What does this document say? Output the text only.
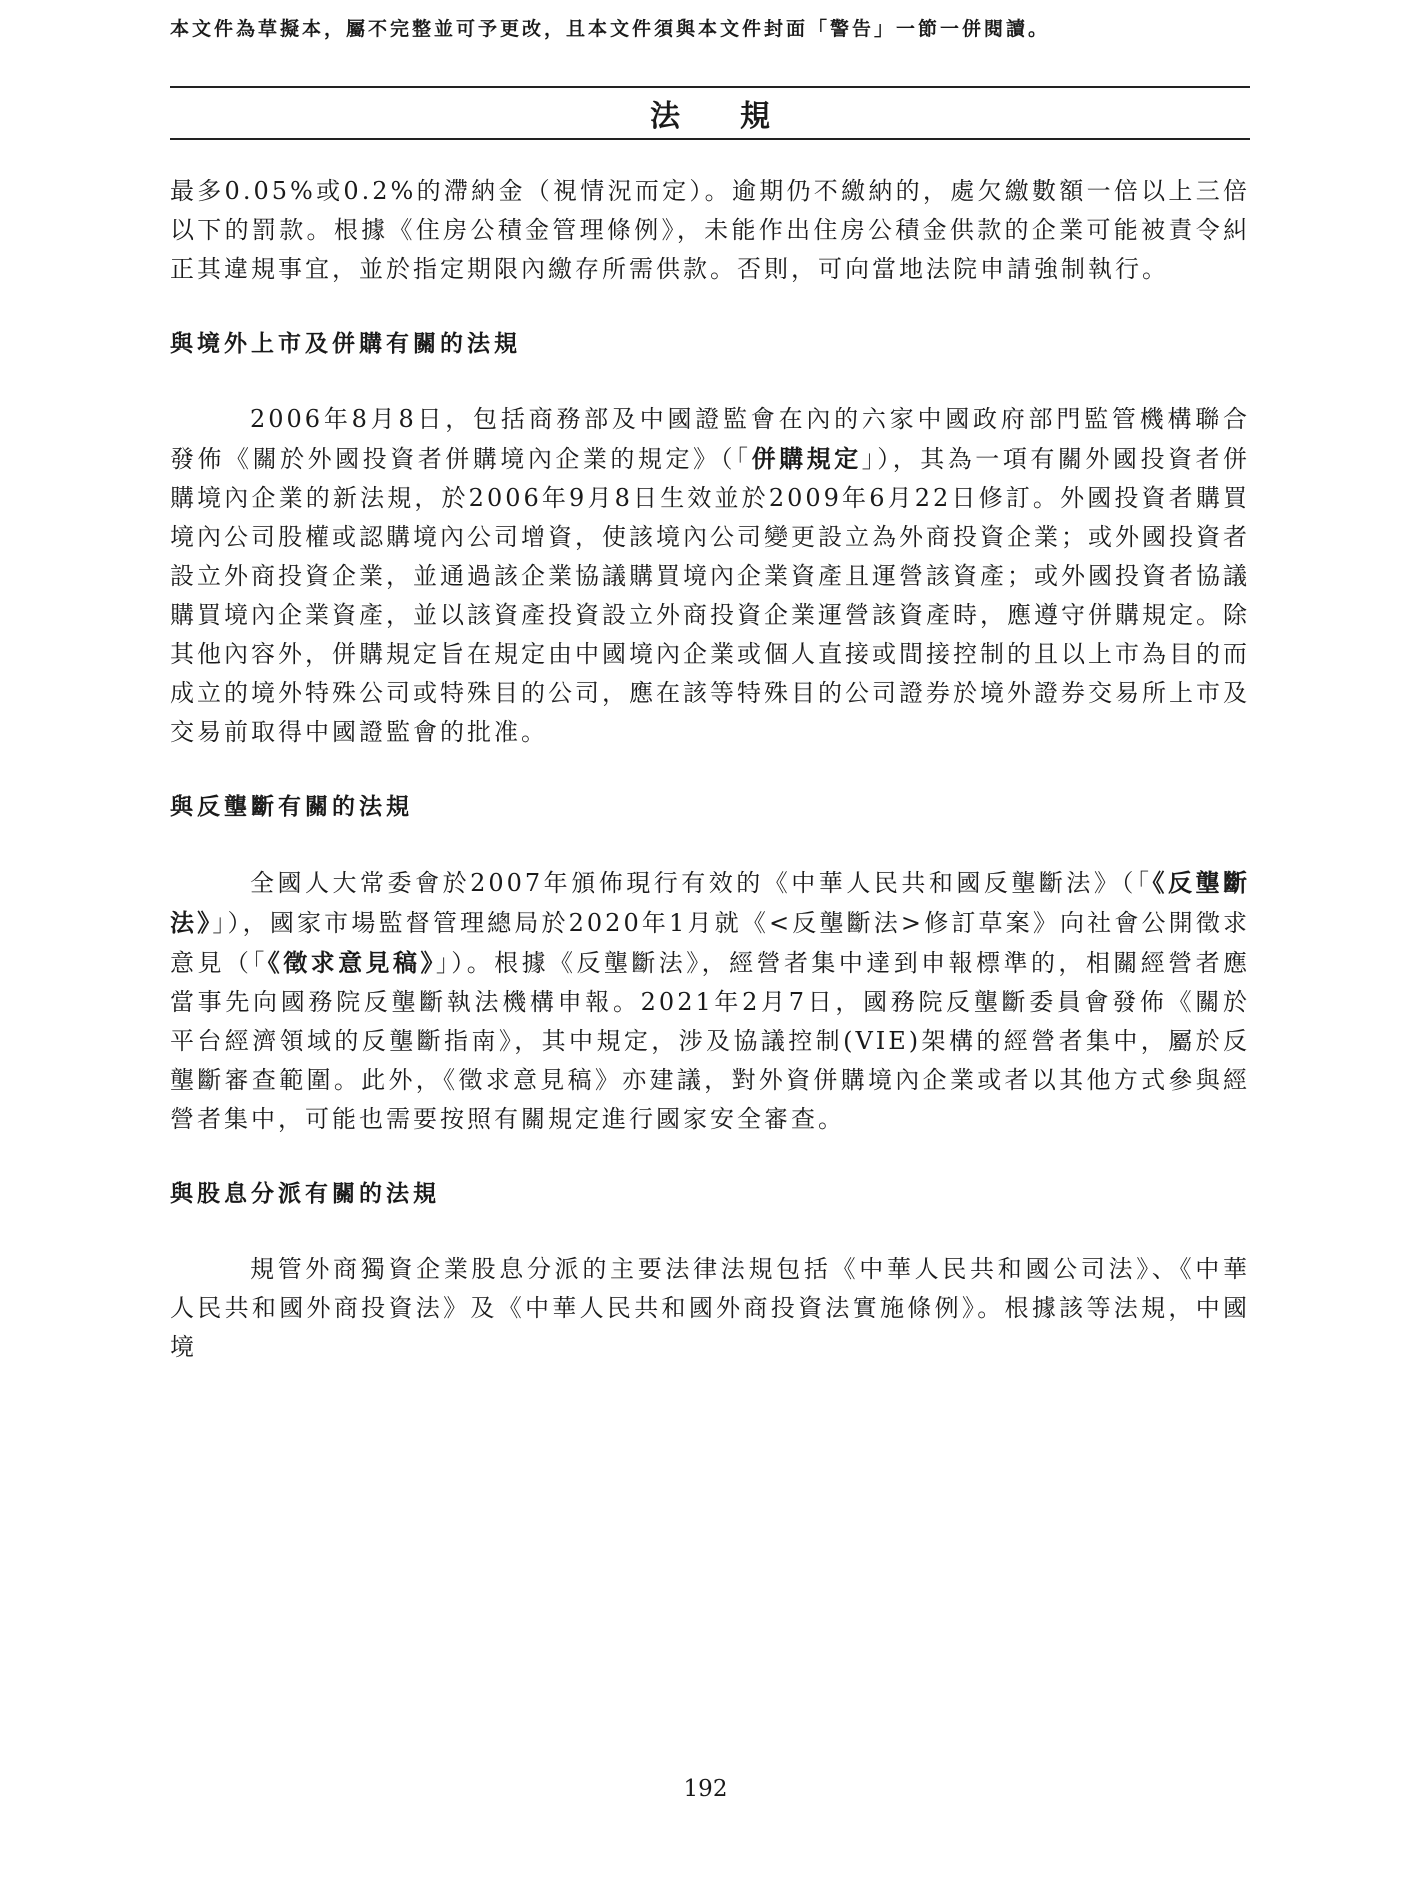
本文件為草擬本，屬不完整並可予更改，且本文件須與本文件封面「警告」一節一併閱讀。
法規

最多0.05%或0.2%的滯納金（視情況而定）。逾期仍不繳納的，處欠繳數額一倍以上三倍以下的罰款。根據《住房公積金管理條例》，未能作出住房公積金供款的企業可能被責令糾正其違規事宜，並於指定期限內繳存所需供款。否則，可向當地法院申請強制執行。

與境外上市及併購有關的法規

2006年8月8日，包括商務部及中國證監會在內的六家中國政府部門監管機構聯合發佈《關於外國投資者併購境內企業的規定》（「併購規定」），其為一項有關外國投資者併購境內企業的新法規，於2006年9月8日生效並於2009年6月22日修訂。外國投資者購買境內公司股權或認購境內公司增資，使該境內公司變更設立為外商投資企業；或外國投資者設立外商投資企業，並通過該企業協議購買境內企業資產且運營該資產；或外國投資者協議購買境內企業資產，並以該資產投資設立外商投資企業運營該資產時，應遵守併購規定。除其他內容外，併購規定旨在規定由中國境內企業或個人直接或間接控制的且以上市為目的而成立的境外特殊公司或特殊目的公司，應在該等特殊目的公司證券於境外證券交易所上市及交易前取得中國證監會的批准。

與反壟斷有關的法規

全國人大常委會於2007年頒佈現行有效的《中華人民共和國反壟斷法》（「《反壟斷法》」），國家市場監督管理總局於2020年1月就《<反壟斷法>修訂草案》向社會公開徵求意見（「《徵求意見稿》」）。根據《反壟斷法》，經營者集中達到申報標準的，相關經營者應當事先向國務院反壟斷執法機構申報。2021年2月7日，國務院反壟斷委員會發佈《關於平台經濟領域的反壟斷指南》，其中規定，涉及協議控制(VIE)架構的經營者集中，屬於反壟斷審查範圍。此外，《徵求意見稿》亦建議，對外資併購境內企業或者以其他方式參與經營者集中，可能也需要按照有關規定進行國家安全審查。

與股息分派有關的法規

規管外商獨資企業股息分派的主要法律法規包括《中華人民共和國公司法》、《中華人民共和國外商投資法》及《中華人民共和國外商投資法實施條例》。根據該等法規，中國境

192
